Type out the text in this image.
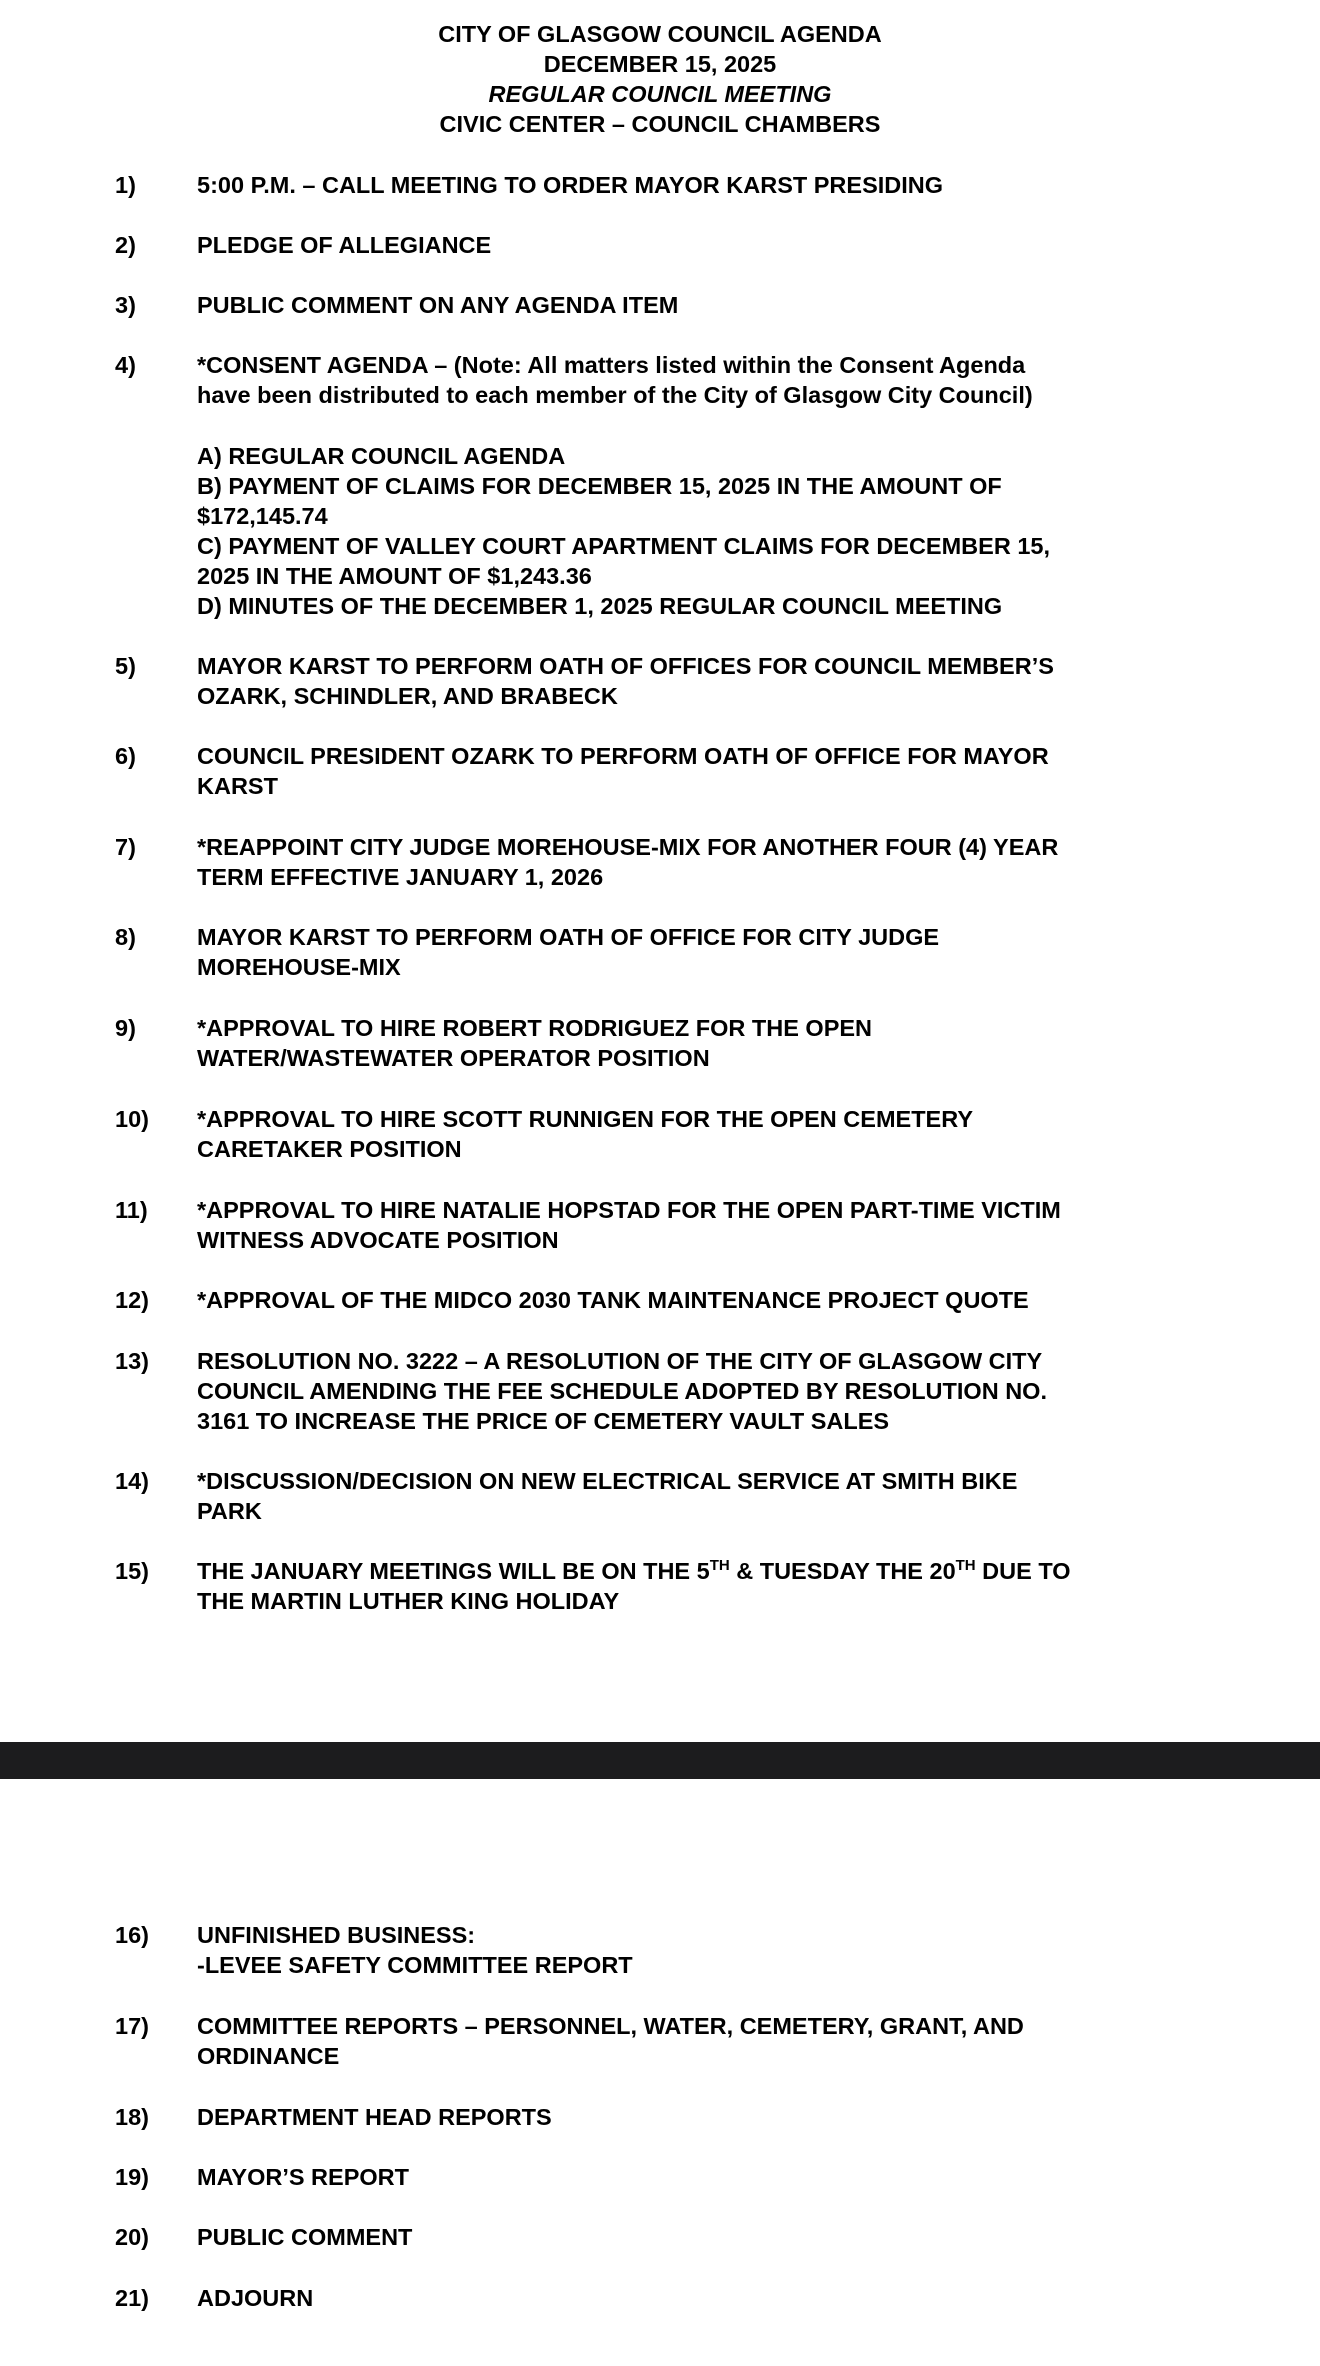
CITY OF GLASGOW COUNCIL AGENDA
DECEMBER 15, 2025
REGULAR COUNCIL MEETING
CIVIC CENTER – COUNCIL CHAMBERS
1)	5:00 P.M. – CALL MEETING TO ORDER MAYOR KARST PRESIDING
2)	PLEDGE OF ALLEGIANCE
3)	PUBLIC COMMENT ON ANY AGENDA ITEM
4)	*CONSENT AGENDA – (Note: All matters listed within the Consent Agenda
have been distributed to each member of the City of Glasgow City Council)
A) REGULAR COUNCIL AGENDA
B) PAYMENT OF CLAIMS FOR DECEMBER 15, 2025 IN THE AMOUNT OF
$172,145.74
C) PAYMENT OF VALLEY COURT APARTMENT CLAIMS FOR DECEMBER 15,
2025 IN THE AMOUNT OF $1,243.36
D) MINUTES OF THE DECEMBER 1, 2025 REGULAR COUNCIL MEETING
5)	MAYOR KARST TO PERFORM OATH OF OFFICES FOR COUNCIL MEMBER’S
OZARK, SCHINDLER, AND BRABECK
6)	COUNCIL PRESIDENT OZARK TO PERFORM OATH OF OFFICE FOR MAYOR
KARST
7)	*REAPPOINT CITY JUDGE MOREHOUSE-MIX FOR ANOTHER FOUR (4) YEAR
TERM EFFECTIVE JANUARY 1, 2026
8)	MAYOR KARST TO PERFORM OATH OF OFFICE FOR CITY JUDGE
MOREHOUSE-MIX
9)	*APPROVAL TO HIRE ROBERT RODRIGUEZ FOR THE OPEN
WATER/WASTEWATER OPERATOR POSITION
10) *APPROVAL TO HIRE SCOTT RUNNIGEN FOR THE OPEN CEMETERY
CARETAKER POSITION
11) *APPROVAL TO HIRE NATALIE HOPSTAD FOR THE OPEN PART-TIME VICTIM
WITNESS ADVOCATE POSITION
12) *APPROVAL OF THE MIDCO 2030 TANK MAINTENANCE PROJECT QUOTE
13) RESOLUTION NO. 3222 – A RESOLUTION OF THE CITY OF GLASGOW CITY
COUNCIL AMENDING THE FEE SCHEDULE ADOPTED BY RESOLUTION NO.
3161 TO INCREASE THE PRICE OF CEMETERY VAULT SALES
14) *DISCUSSION/DECISION ON NEW ELECTRICAL SERVICE AT SMITH BIKE
PARK
15) THE JANUARY MEETINGS WILL BE ON THE 5TH & TUESDAY THE 20TH DUE TO
THE MARTIN LUTHER KING HOLIDAY
16) UNFINISHED BUSINESS:
-LEVEE SAFETY COMMITTEE REPORT
17) COMMITTEE REPORTS – PERSONNEL, WATER, CEMETERY, GRANT, AND
ORDINANCE
18) DEPARTMENT HEAD REPORTS
19) MAYOR’S REPORT
20) PUBLIC COMMENT
21) ADJOURN
